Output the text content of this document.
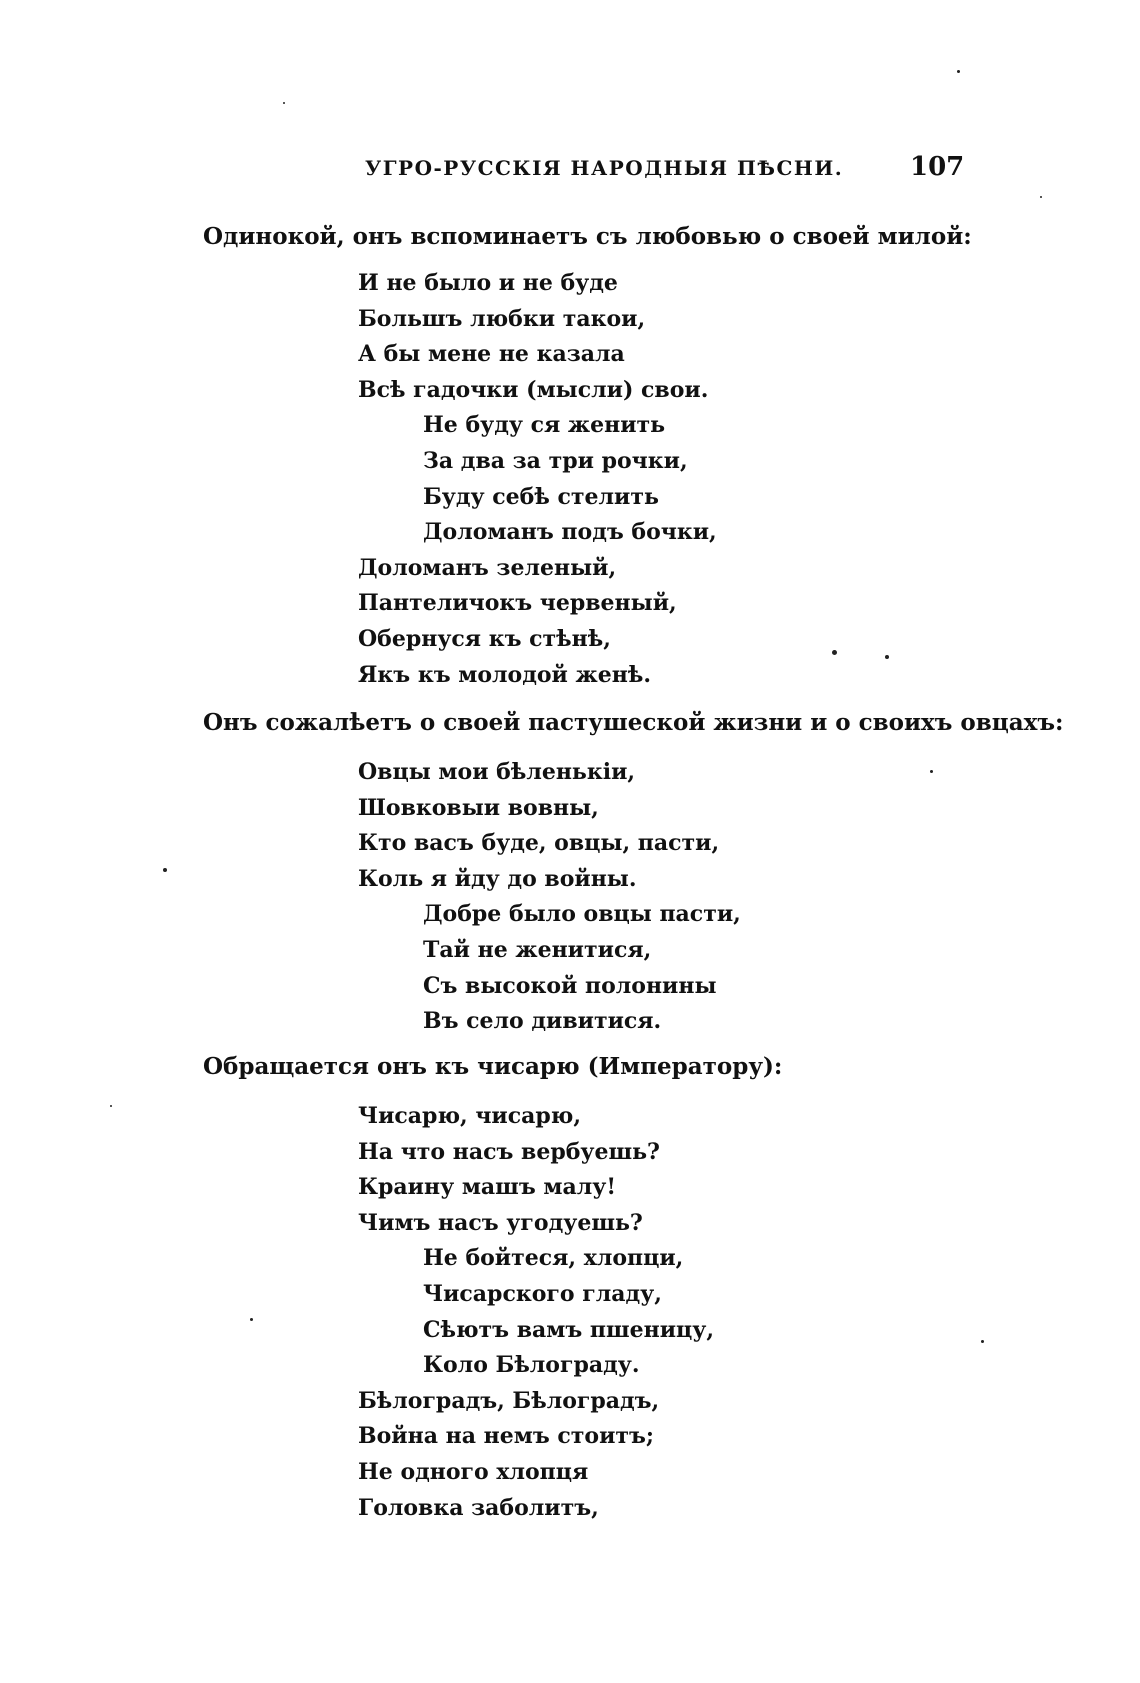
УГРО-РУССКІЯ НАРОДНЫЯ ПѢСНИ.	107
Одинокой, онъ вспоминаетъ съ любовью о своей милой:
И не было и не буде
Большъ любки такои,
А бы мене не казала
Всѣ гадочки (мысли) свои.
Не буду ся женить
За два за три рочки,
Буду себѣ стелить
Доломанъ подъ бочки,
Доломанъ зеленый,
Пантеличокъ червеный,
Обернуся къ стѣнѣ,
Якъ къ молодой женѣ.
Онъ сожалѣетъ о своей пастушеской жизни и о своихъ овцахъ:
Овцы мои бѣленькіи,
Шовковыи вовны,
Кто васъ буде, овцы, пасти,
Коль я йду до войны.
Добре было овцы пасти,
Тай не женитися,
Съ высокой полонины
Въ село дивитися.
Обращается онъ къ чисарю (Императору):
Чисарю, чисарю,
На что насъ вербуешь?
Краину машъ малу!
Чимъ насъ угодуешь?
Не бойтеся, хлопци,
Чисарского гладу,
Сѣютъ вамъ пшеницу,
Коло Бѣлограду.
Бѣлоградъ, Бѣлоградъ,
Война на немъ стоитъ;
Не одного хлопця
Головка заболитъ,
